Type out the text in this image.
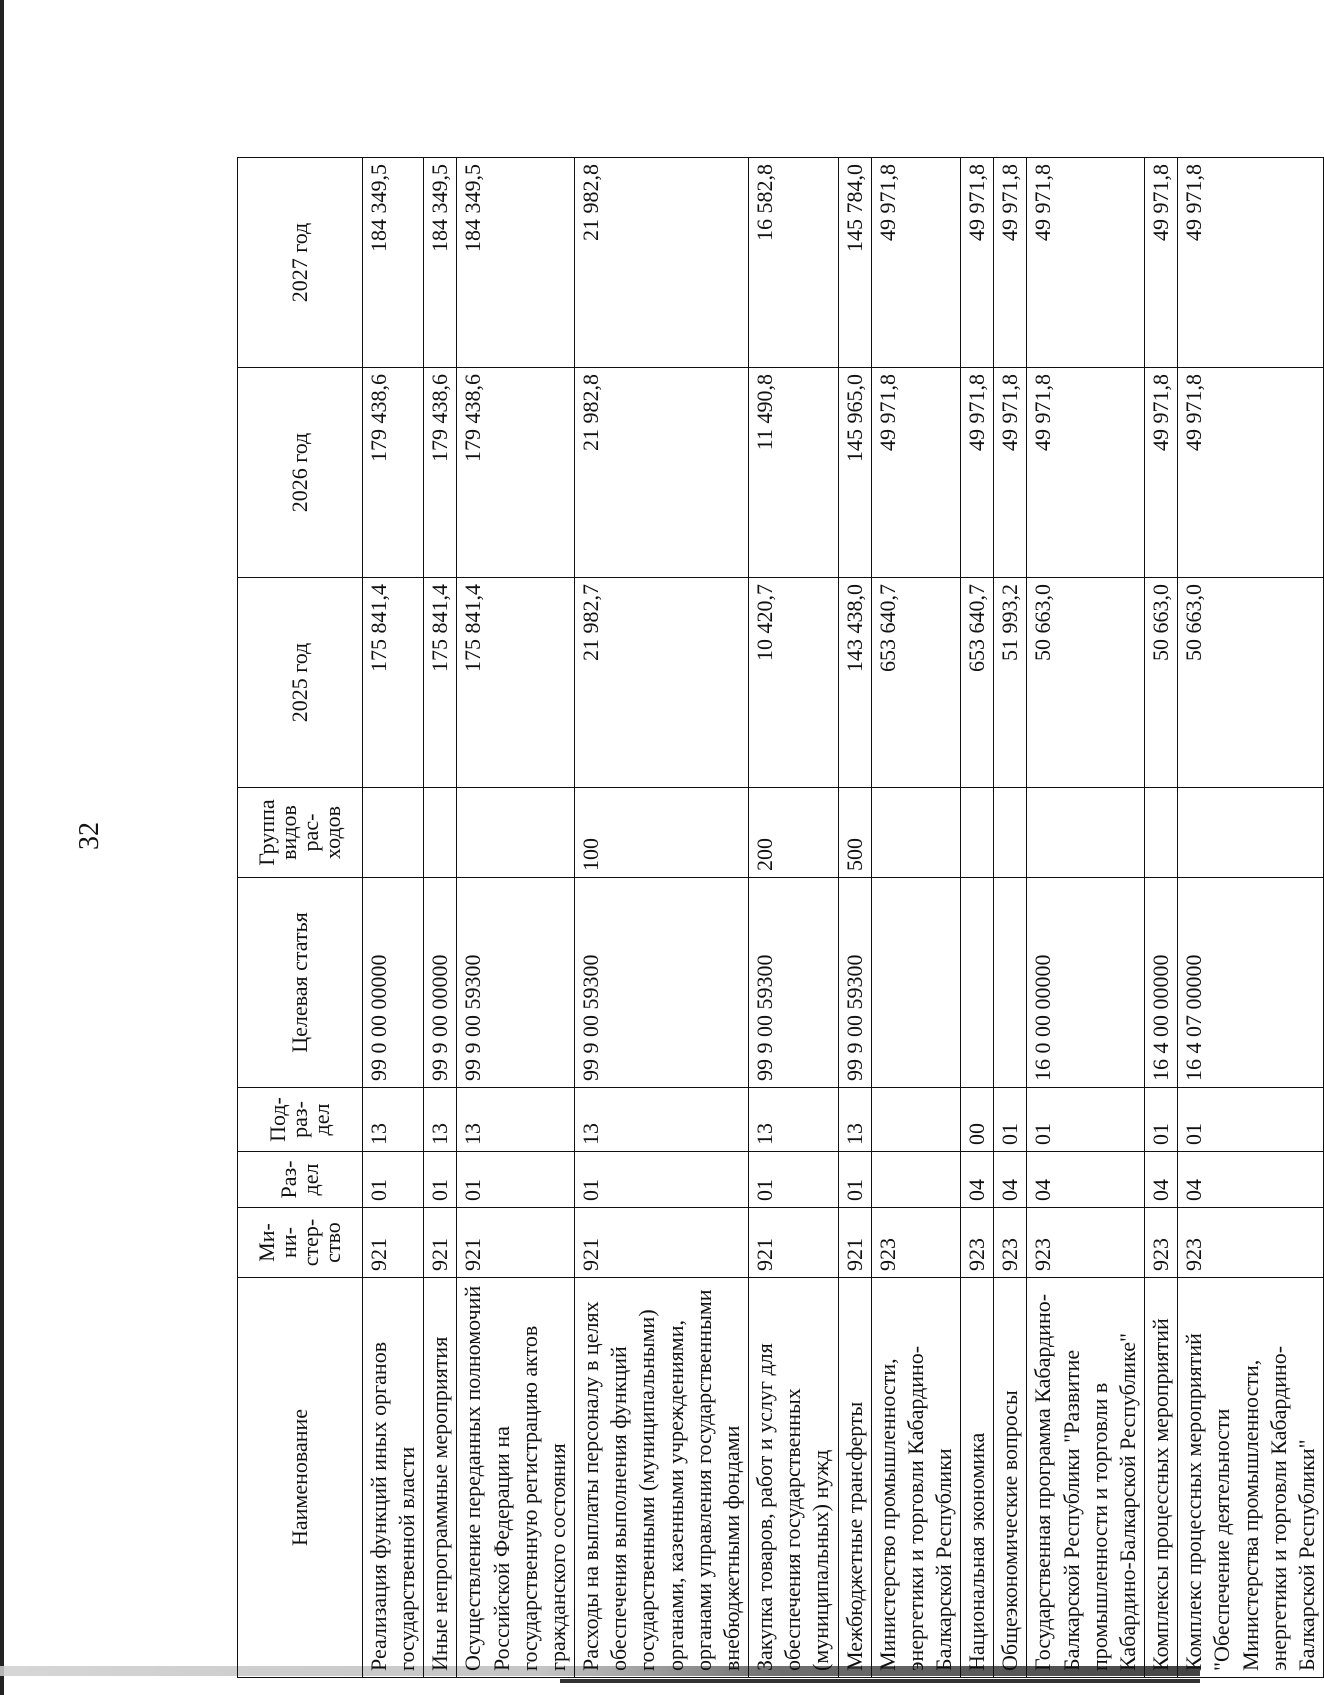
32
Наименование	Ми-
ни-
стер-
ство	Раз-
дел	Под-
раз-
дел	Целевая статья	Группа
видов
рас-
ходов	2025 год	2026 год	2027 год
Реализация функций иных органов государственной власти	921	01	13	99 0 00 00000		175 841,4	179 438,6	184 349,5
Иные непрограммные мероприятия	921	01	13	99 9 00 00000		175 841,4	179 438,6	184 349,5
Осуществление переданных полномочий Российской Федерации на государственную регистрацию актов гражданского состояния	921	01	13	99 9 00 59300		175 841,4	179 438,6	184 349,5
Расходы на выплаты персоналу в целях обеспечения выполнения функций государственными (муниципальными) органами, казенными учреждениями, органами управления государственными внебюджетными фондами	921	01	13	99 9 00 59300	100	21 982,7	21 982,8	21 982,8
Закупка товаров, работ и услуг для обеспечения государственных (муниципальных) нужд	921	01	13	99 9 00 59300	200	10 420,7	11 490,8	16 582,8
Межбюджетные трансферты	921	01	13	99 9 00 59300	500	143 438,0	145 965,0	145 784,0
Министерство промышленности, энергетики и торговли Кабардино-Балкарской Республики	923					653 640,7	49 971,8	49 971,8
Национальная экономика	923	04	00			653 640,7	49 971,8	49 971,8
Общеэкономические вопросы	923	04	01			51 993,2	49 971,8	49 971,8
Государственная программа Кабардино-Балкарской Республики "Развитие промышленности и торговли в Кабардино-Балкарской Республике"	923	04	01	16 0 00 00000		50 663,0	49 971,8	49 971,8
Комплексы процессных мероприятий	923	04	01	16 4 00 00000		50 663,0	49 971,8	49 971,8
Комплекс процессных мероприятий "Обеспечение деятельности Министерства промышленности, энергетики и торговли Кабардино-Балкарской Республики"	923	04	01	16 4 07 00000		50 663,0	49 971,8	49 971,8
